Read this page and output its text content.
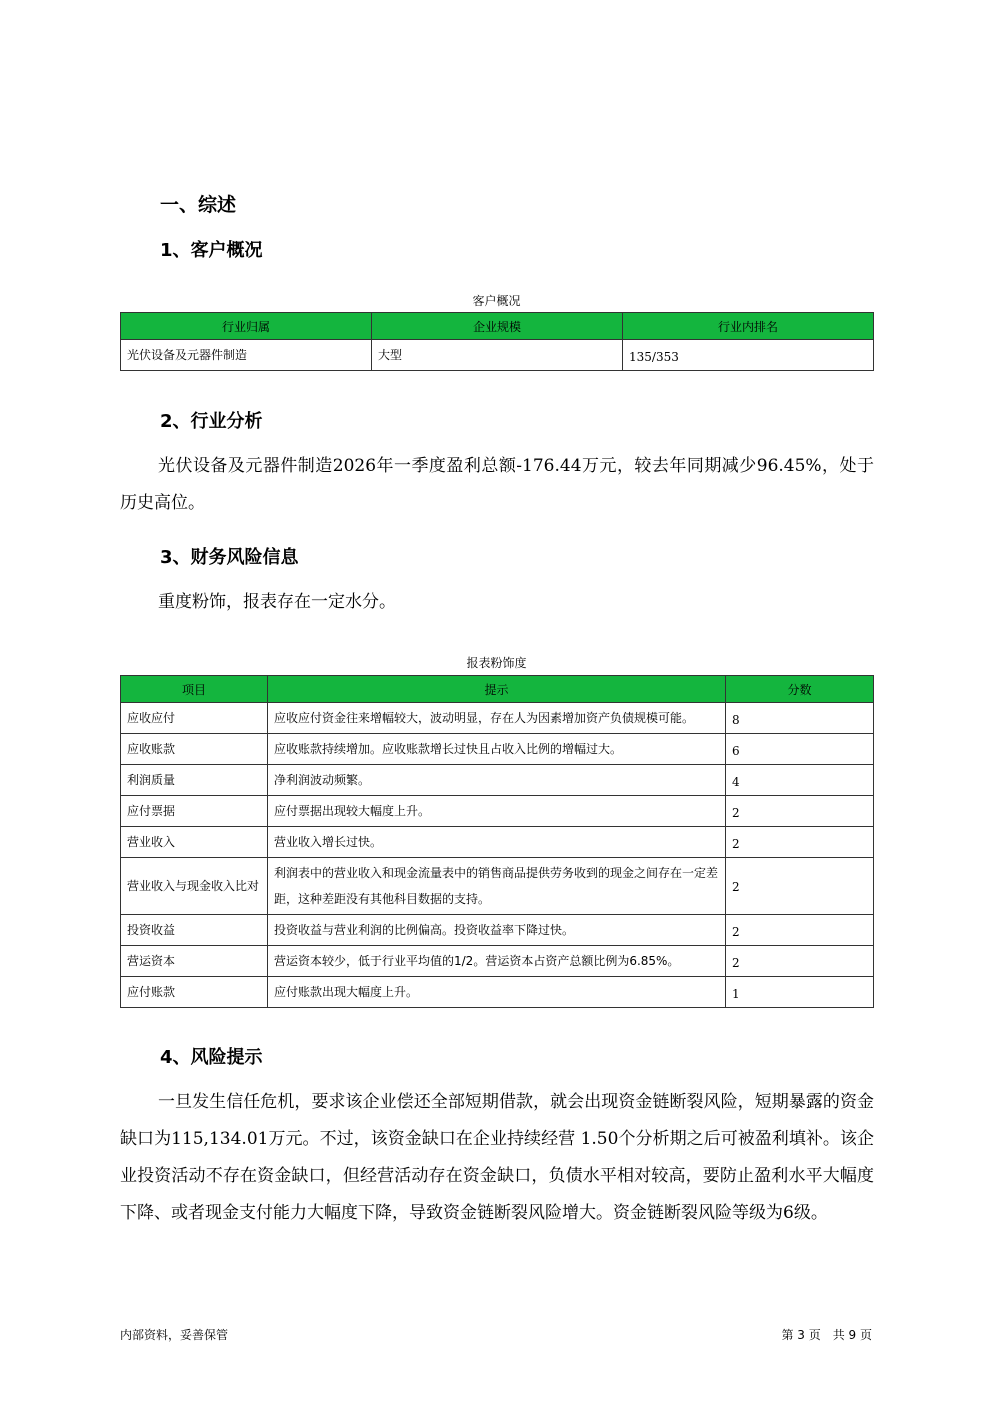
一、综述
1、客户概况
客户概况
行业归属	企业规模	行业内排名
光伏设备及元器件制造	大型	135/353
2、行业分析

光伏设备及元器件制造2026年一季度盈利总额-176.44万元，较去年同期减少96.45%，处于历史高位。

3、财务风险信息

重度粉饰，报表存在一定水分。

报表粉饰度
项目	提示	分数
应收应付	应收应付资金往来增幅较大，波动明显，存在人为因素增加资产负债规模可能。	8
应收账款	应收账款持续增加。应收账款增长过快且占收入比例的增幅过大。	6
利润质量	净利润波动频繁。	4
应付票据	应付票据出现较大幅度上升。	2
营业收入	营业收入增长过快。	2
营业收入与现金收入比对	利润表中的营业收入和现金流量表中的销售商品提供劳务收到的现金之间存在一定差距，这种差距没有其他科目数据的支持。	2
投资收益	投资收益与营业利润的比例偏高。投资收益率下降过快。	2
营运资本	营运资本较少，低于行业平均值的1/2。营运资本占资产总额比例为6.85%。	2
应付账款	应付账款出现大幅度上升。	1
4、风险提示

一旦发生信任危机，要求该企业偿还全部短期借款，就会出现资金链断裂风险，短期暴露的资金缺口为115,134.01万元。不过，该资金缺口在企业持续经营 1.50个分析期之后可被盈利填补。该企业投资活动不存在资金缺口，但经营活动存在资金缺口，负债水平相对较高，要防止盈利水平大幅度下降、或者现金支付能力大幅度下降，导致资金链断裂风险增大。资金链断裂风险等级为6级。

内部资料，妥善保管	第 3 页　共 9 页
